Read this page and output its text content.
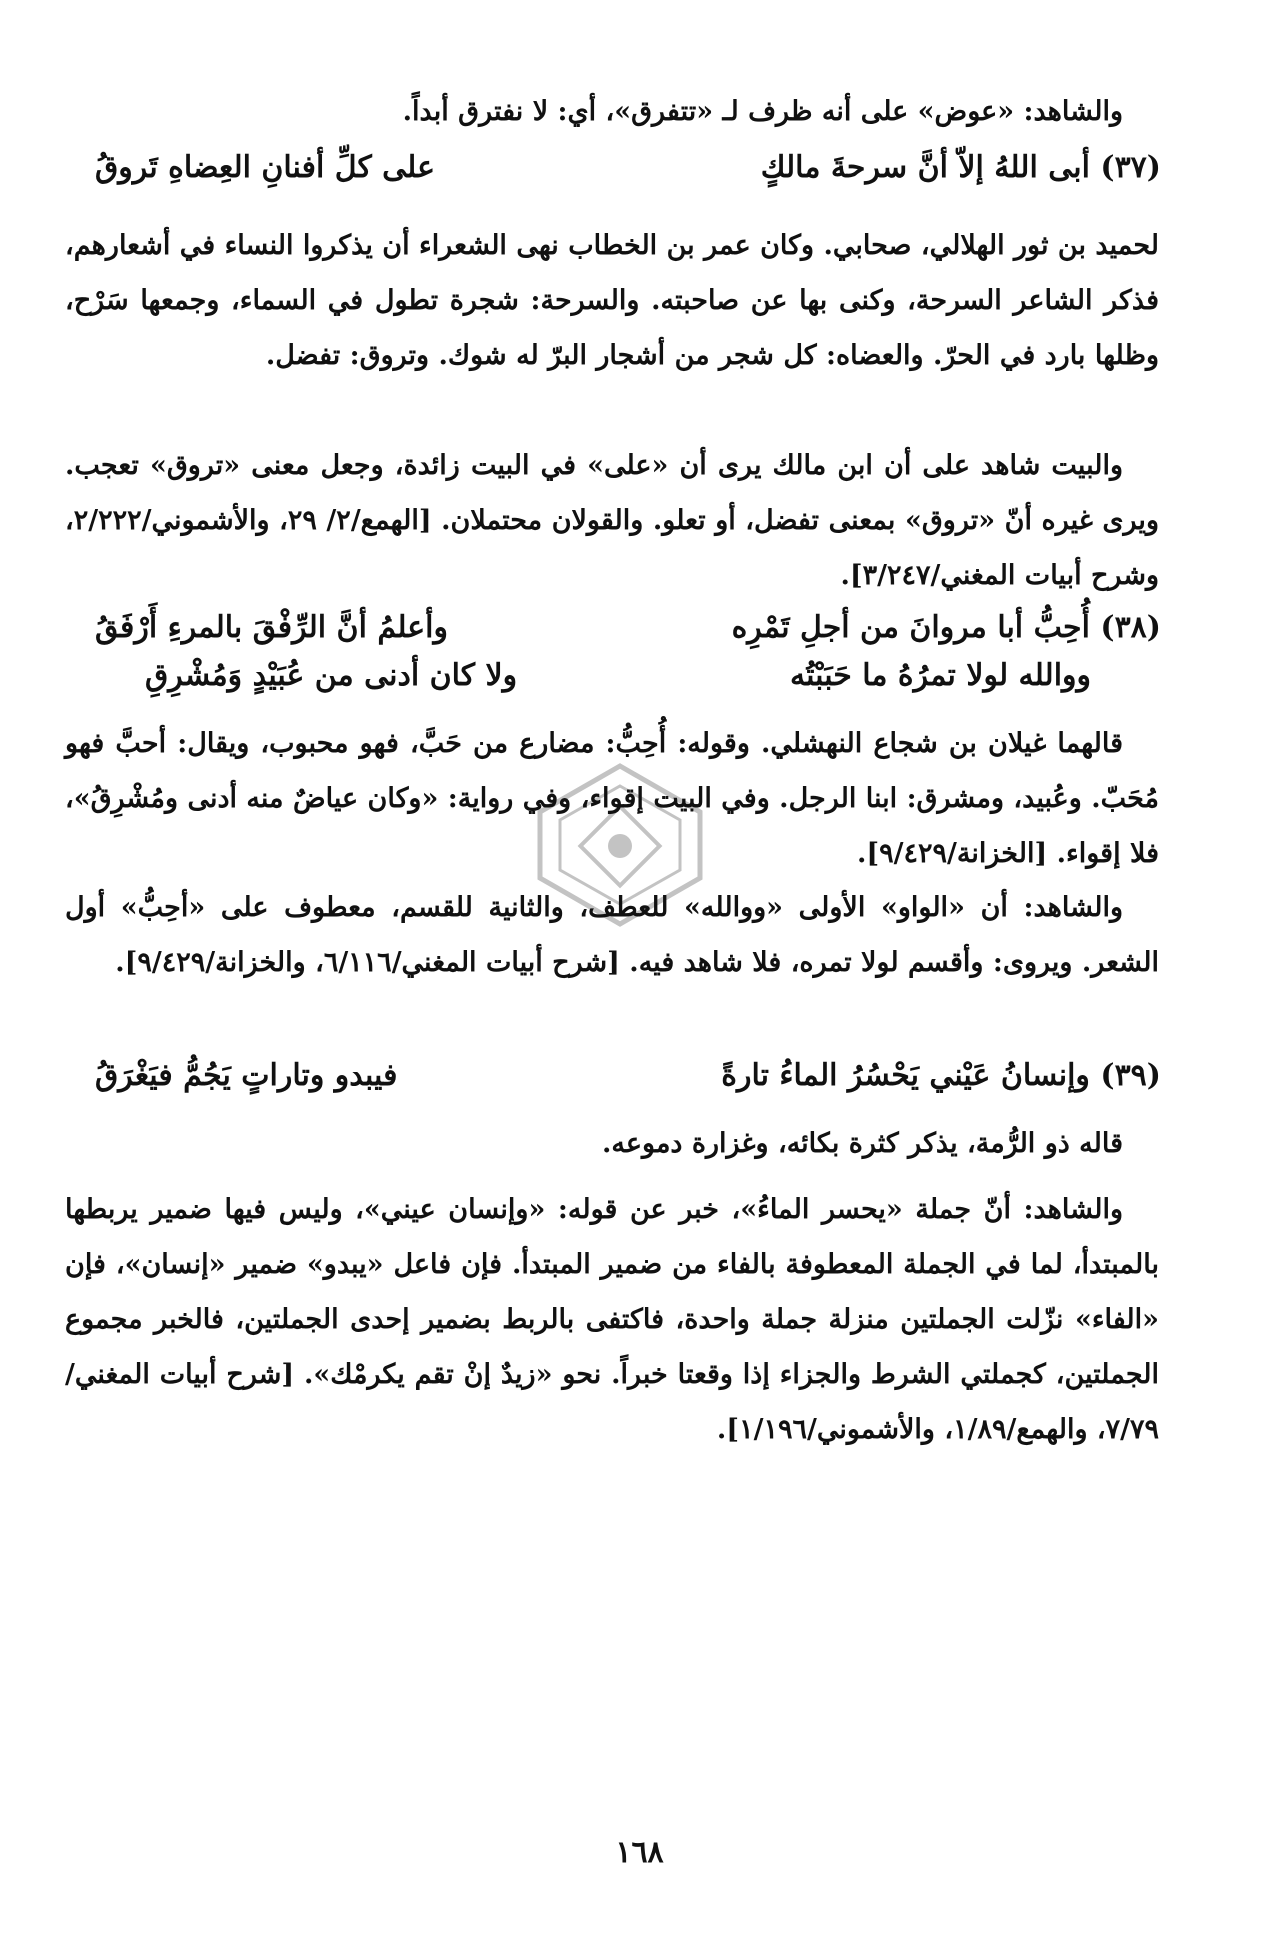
والشاهد: «عوض» على أنه ظرف لـ «تتفرق»، أي: لا نفترق أبداً.

(٣٧) أبى اللهُ إلاّ أنَّ سرحةَ مالكٍ
على كلِّ أفنانِ العِضاهِ تَروقُ

لحميد بن ثور الهلالي، صحابي. وكان عمر بن الخطاب نهى الشعراء أن يذكروا النساء في أشعارهم، فذكر الشاعر السرحة، وكنى بها عن صاحبته. والسرحة: شجرة تطول في السماء، وجمعها سَرْح، وظلها بارد في الحرّ. والعضاه: كل شجر من أشجار البرّ له شوك. وتروق: تفضل.

والبيت شاهد على أن ابن مالك يرى أن «على» في البيت زائدة، وجعل معنى «تروق» تعجب. ويرى غيره أنّ «تروق» بمعنى تفضل، أو تعلو. والقولان محتملان. [الهمع/٢/ ٢٩، والأشموني/٢/٢٢٢، وشرح أبيات المغني/٣/٢٤٧].

(٣٨) أُحِبُّ أبا مروانَ من أجلِ تَمْرِه
وأعلمُ أنَّ الرِّفْقَ بالمرءِ أَرْفَقُ
ووالله لولا تمرُهُ ما حَبَبْتُه
ولا كان أدنى من عُبَيْدٍ وَمُشْرِقِ

قالهما غيلان بن شجاع النهشلي. وقوله: أُحِبُّ: مضارع من حَبَّ، فهو محبوب، ويقال: أحبَّ فهو مُحَبّ. وعُبيد، ومشرق: ابنا الرجل. وفي البيت إقواء، وفي رواية: «وكان عياضٌ منه أدنى ومُشْرِقُ»، فلا إقواء. [الخزانة/٩/٤٢٩].

والشاهد: أن «الواو» الأولى «ووالله» للعطف، والثانية للقسم، معطوف على «أحِبُّ» أول الشعر. ويروى: وأقسم لولا تمره، فلا شاهد فيه. [شرح أبيات المغني/٦/١١٦، والخزانة/٩/٤٢٩].

(٣٩) وإنسانُ عَيْني يَحْسُرُ الماءُ تارةً
فيبدو وتاراتٍ يَجُمُّ فيَغْرَقُ

قاله ذو الرُّمة، يذكر كثرة بكائه، وغزارة دموعه.

والشاهد: أنّ جملة «يحسر الماءُ»، خبر عن قوله: «وإنسان عيني»، وليس فيها ضمير يربطها بالمبتدأ، لما في الجملة المعطوفة بالفاء من ضمير المبتدأ. فإن فاعل «يبدو» ضمير «إنسان»، فإن «الفاء» نزّلت الجملتين منزلة جملة واحدة، فاكتفى بالربط بضمير إحدى الجملتين، فالخبر مجموع الجملتين، كجملتي الشرط والجزاء إذا وقعتا خبراً. نحو «زيدٌ إنْ تقم يكرمْك». [شرح أبيات المغني/٧/٧٩، والهمع/١/٨٩، والأشموني/١/١٩٦].

١٦٨
